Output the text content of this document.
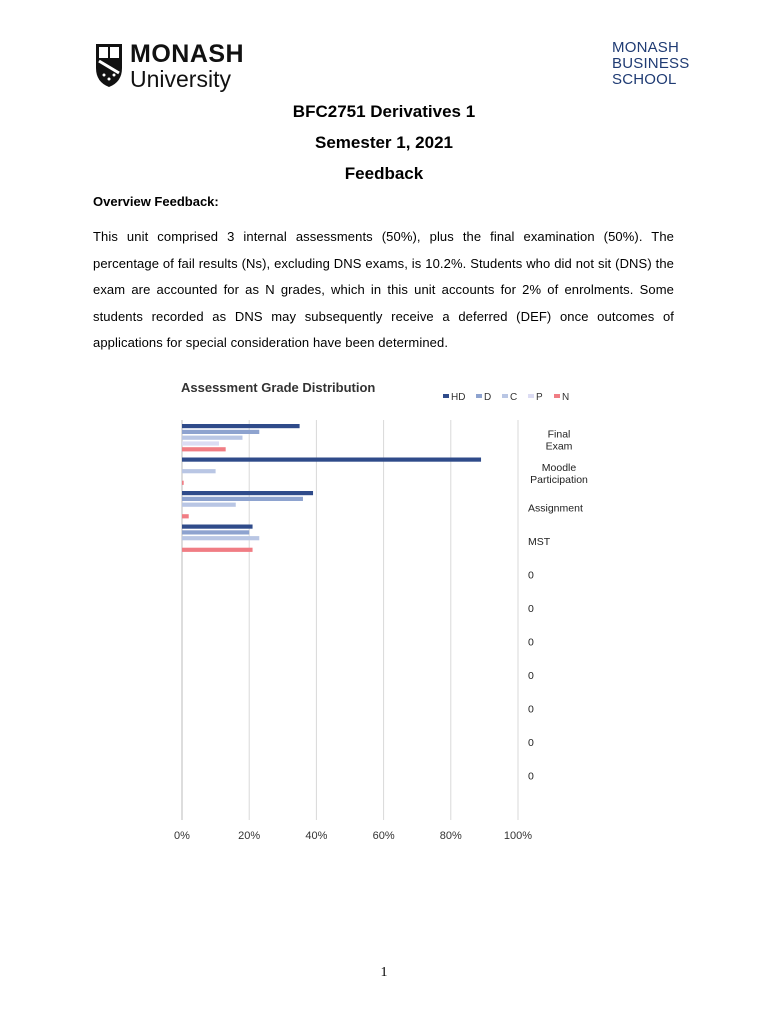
MONASH
University
MONASH
BUSINESS
SCHOOL
BFC2751 Derivatives 1
Semester 1, 2021
Feedback
Overview Feedback:
This unit comprised 3 internal assessments (50%), plus the final examination (50%). The percentage of fail results (Ns), excluding DNS exams, is 10.2%. Students who did not sit (DNS) the exam are accounted for as N grades, which in this unit accounts for 2% of enrolments. Some students recorded as DNS may subsequently receive a deferred (DEF) once outcomes of applications for special consideration have been determined.
Assessment Grade Distribution
HD D C P N
0%	20%	40%	60%	80%	100%
Final
Exam
Moodle
Participation
Assignment
MST
0
0
0
0
0
0
0
1
